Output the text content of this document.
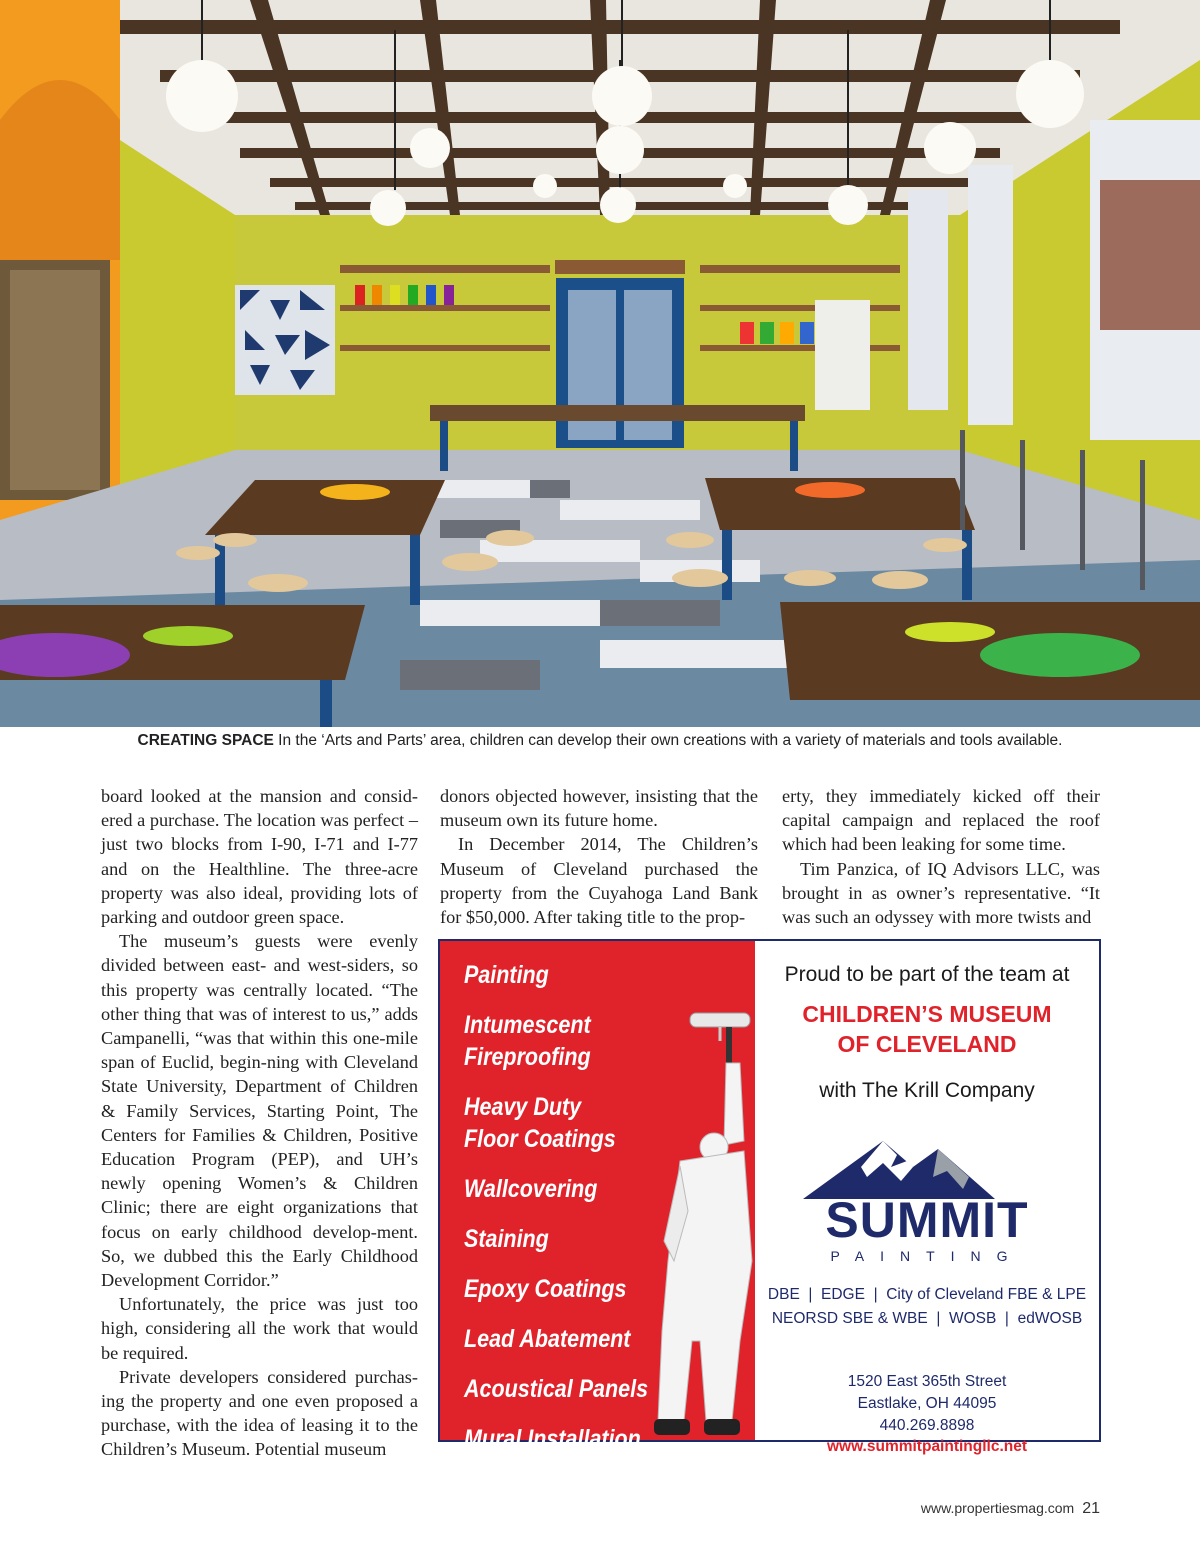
CREATING SPACE In the ‘Arts and Parts’ area, children can develop their own creations with a variety of materials and tools available.

board looked at the mansion and consid-ered a purchase. The location was perfect – just two blocks from I-90, I-71 and I-77 and on the Healthline. The three-acre property was also ideal, providing lots of parking and outdoor green space.

The museum’s guests were evenly divided between east- and west-siders, so this property was centrally located. “The other thing that was of interest to us,” adds Campanelli, “was that within this one-mile span of Euclid, begin-ning with Cleveland State University, Department of Children & Family Services, Starting Point, The Centers for Families & Children, Positive Education Program (PEP), and UH’s newly opening Women’s & Children Clinic; there are eight organizations that focus on early childhood develop-ment. So, we dubbed this the Early Childhood Development Corridor.”

Unfortunately, the price was just too high, considering all the work that would be required.

Private developers considered purchas-ing the property and one even proposed a purchase, with the idea of leasing it to the Children’s Museum. Potential museum

donors objected however, insisting that the museum own its future home.

In December 2014, The Children’s Museum of Cleveland purchased the property from the Cuyahoga Land Bank for $50,000. After taking title to the prop-

erty, they immediately kicked off their capital campaign and replaced the roof which had been leaking for some time.

Tim Panzica, of IQ Advisors LLC, was brought in as owner’s representative. “It was such an odyssey with more twists and

Painting
Intumescent
Fireproofing
Heavy Duty
Floor Coatings
Wallcovering
Staining
Epoxy Coatings
Lead Abatement
Acoustical Panels
Mural Installation
Proud to be part of the team at
CHILDREN’S MUSEUM
OF CLEVELAND
with The Krill Company
SUMMIT
PAINTING
DBE  |  EDGE  |  City of Cleveland FBE & LPE
NEORSD SBE & WBE  |  WOSB  |  edWOSB
1520 East 365th Street
Eastlake, OH 44095
440.269.8898
www.summitpaintingllc.net
www.propertiesmag.com 21
